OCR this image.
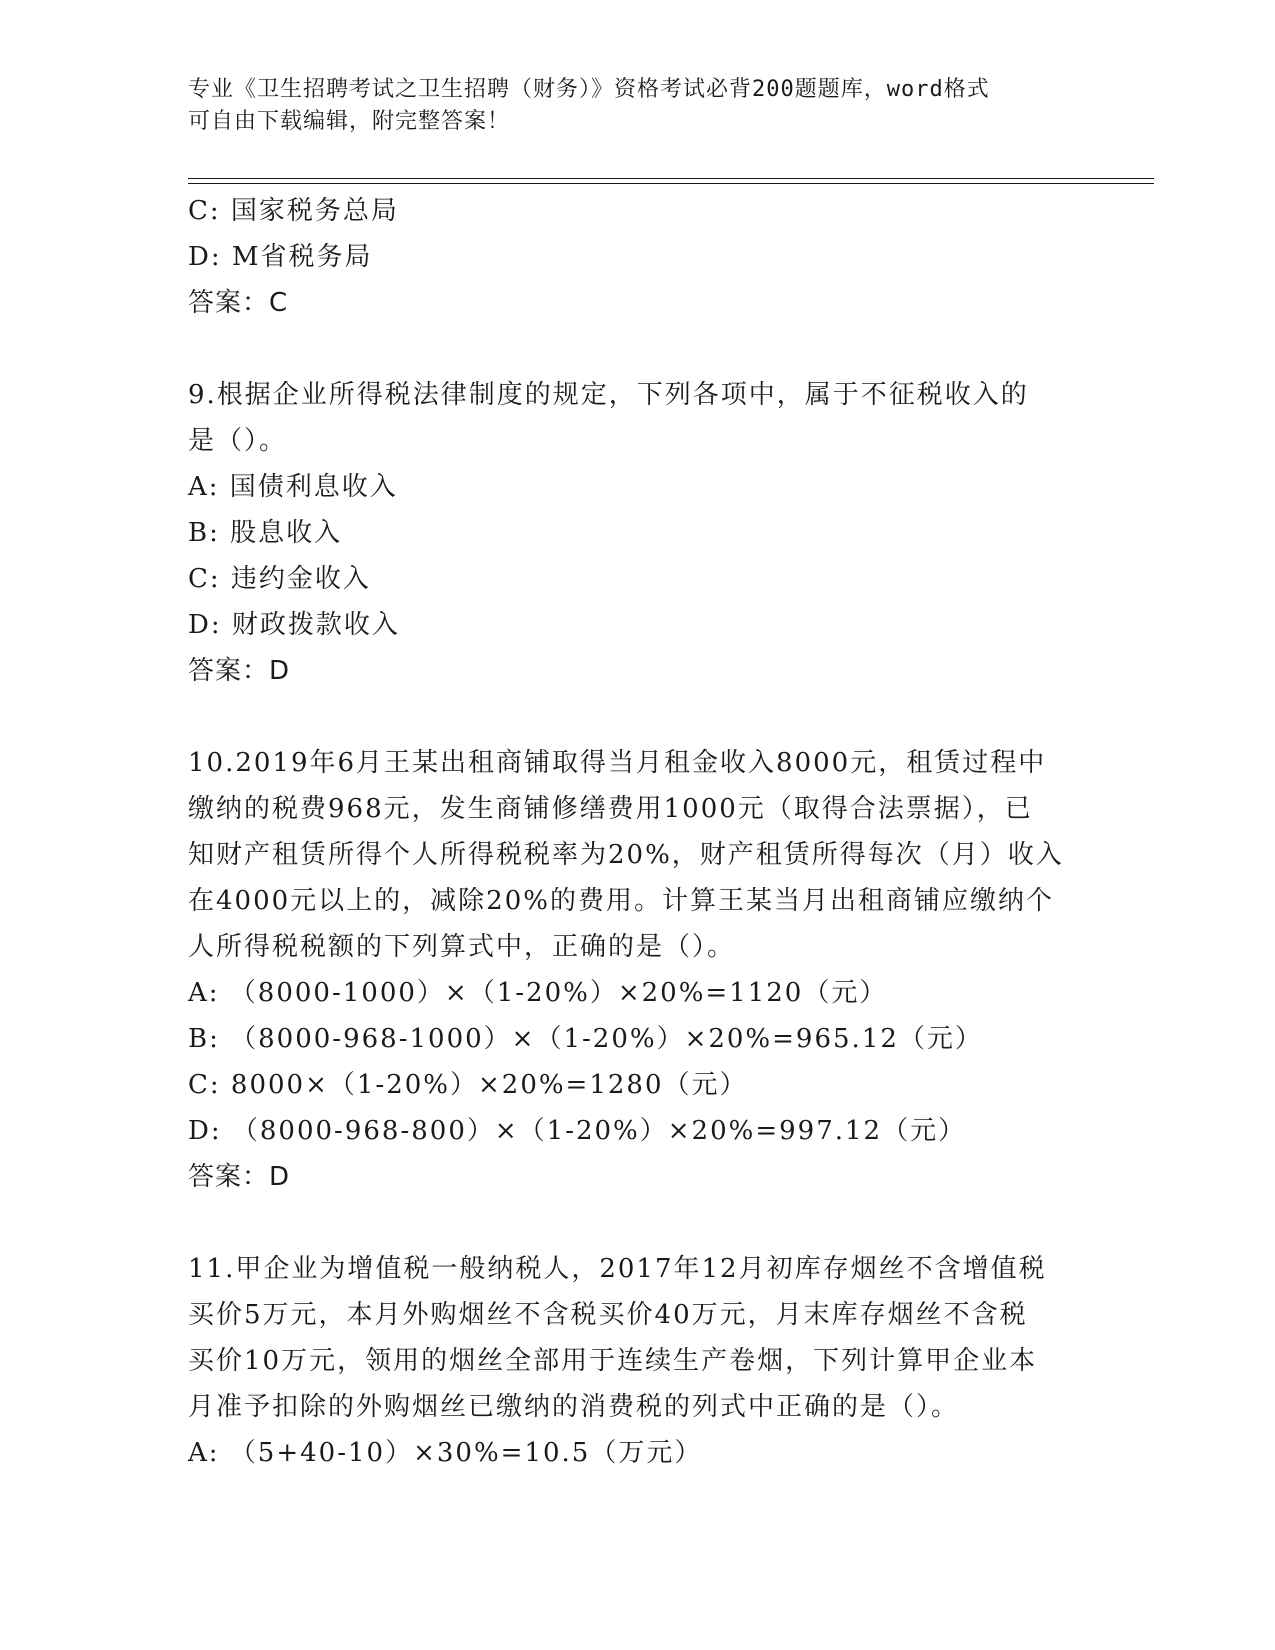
专业《卫生招聘考试之卫生招聘（财务）》资格考试必背200题题库，word格式
可自由下载编辑，附完整答案！
C: 国家税务总局
D: M省税务局
答案：C
9.根据企业所得税法律制度的规定，下列各项中，属于不征税收入的
是（）。
A: 国债利息收入
B: 股息收入
C: 违约金收入
D: 财政拨款收入
答案：D
10.2019年6月王某出租商铺取得当月租金收入8000元，租赁过程中
缴纳的税费968元，发生商铺修缮费用1000元（取得合法票据），已
知财产租赁所得个人所得税税率为20%，财产租赁所得每次（月）收入
在4000元以上的，减除20%的费用。计算王某当月出租商铺应缴纳个
人所得税税额的下列算式中，正确的是（）。
A: （8000-1000）×（1-20%）×20%=1120（元）
B: （8000-968-1000）×（1-20%）×20%=965.12（元）
C: 8000×（1-20%）×20%=1280（元）
D: （8000-968-800）×（1-20%）×20%=997.12（元）
答案：D
11.甲企业为增值税一般纳税人，2017年12月初库存烟丝不含增值税
买价5万元，本月外购烟丝不含税买价40万元，月末库存烟丝不含税
买价10万元，领用的烟丝全部用于连续生产卷烟，下列计算甲企业本
月准予扣除的外购烟丝已缴纳的消费税的列式中正确的是（）。
A: （5+40-10）×30%=10.5（万元）
